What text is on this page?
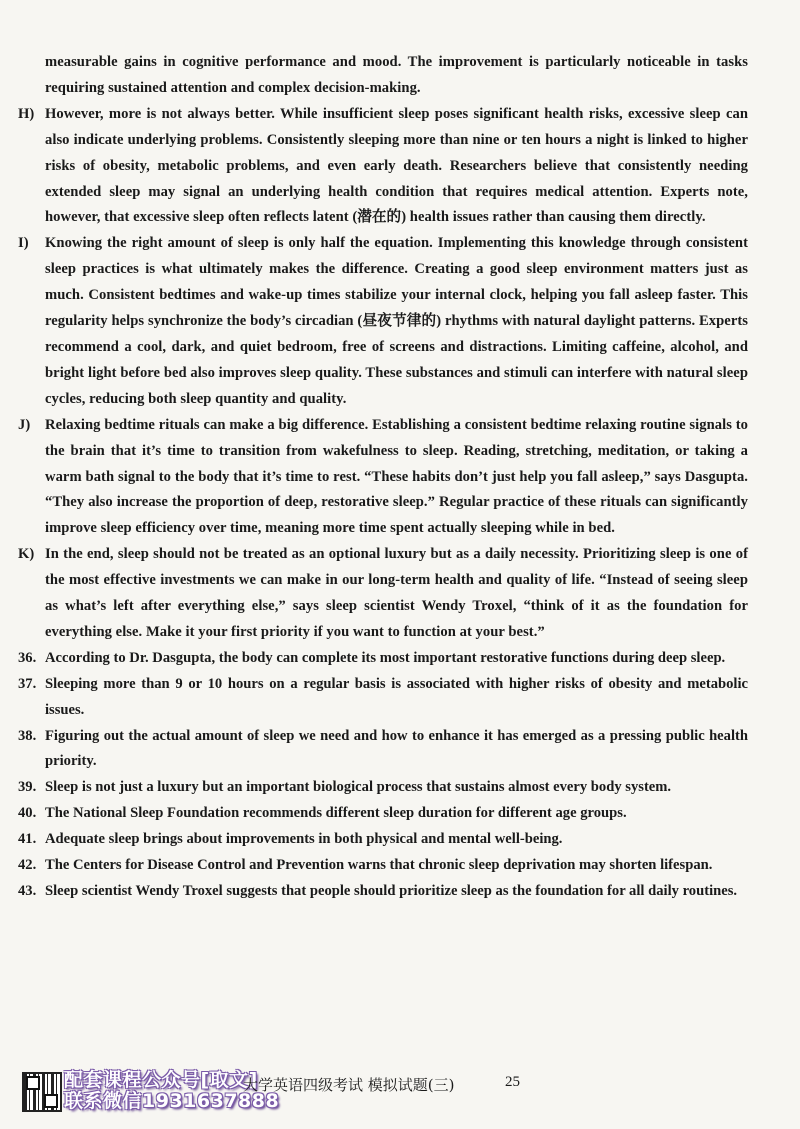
measurable gains in cognitive performance and mood. The improvement is particularly noticeable in tasks requiring sustained attention and complex decision-making.
H) However, more is not always better. While insufficient sleep poses significant health risks, excessive sleep can also indicate underlying problems. Consistently sleeping more than nine or ten hours a night is linked to higher risks of obesity, metabolic problems, and even early death. Researchers believe that consistently needing extended sleep may signal an underlying health condition that requires medical attention. Experts note, however, that excessive sleep often reflects latent (潜在的) health issues rather than causing them directly.
I) Knowing the right amount of sleep is only half the equation. Implementing this knowledge through consistent sleep practices is what ultimately makes the difference. Creating a good sleep environment matters just as much. Consistent bedtimes and wake-up times stabilize your internal clock, helping you fall asleep faster. This regularity helps synchronize the body’s circadian (昼夜节律的) rhythms with natural daylight patterns. Experts recommend a cool, dark, and quiet bedroom, free of screens and distractions. Limiting caffeine, alcohol, and bright light before bed also improves sleep quality. These substances and stimuli can interfere with natural sleep cycles, reducing both sleep quantity and quality.
J) Relaxing bedtime rituals can make a big difference. Establishing a consistent bedtime relaxing routine signals to the brain that it’s time to transition from wakefulness to sleep. Reading, stretching, meditation, or taking a warm bath signal to the body that it’s time to rest. “These habits don’t just help you fall asleep,” says Dasgupta. “They also increase the proportion of deep, restorative sleep.” Regular practice of these rituals can significantly improve sleep efficiency over time, meaning more time spent actually sleeping while in bed.
K) In the end, sleep should not be treated as an optional luxury but as a daily necessity. Prioritizing sleep is one of the most effective investments we can make in our long-term health and quality of life. “Instead of seeing sleep as what’s left after everything else,” says sleep scientist Wendy Troxel, “think of it as the foundation for everything else. Make it your first priority if you want to function at your best.”
36. According to Dr. Dasgupta, the body can complete its most important restorative functions during deep sleep.
37. Sleeping more than 9 or 10 hours on a regular basis is associated with higher risks of obesity and metabolic issues.
38. Figuring out the actual amount of sleep we need and how to enhance it has emerged as a pressing public health priority.
39. Sleep is not just a luxury but an important biological process that sustains almost every body system.
40. The National Sleep Foundation recommends different sleep duration for different age groups.
41. Adequate sleep brings about improvements in both physical and mental well-being.
42. The Centers for Disease Control and Prevention warns that chronic sleep deprivation may shorten lifespan.
43. Sleep scientist Wendy Troxel suggests that people should prioritize sleep as the foundation for all daily routines.
配套课程公众号[取文]
联系微信1931637888
大学英语四级考试 模拟试题(三)	25
